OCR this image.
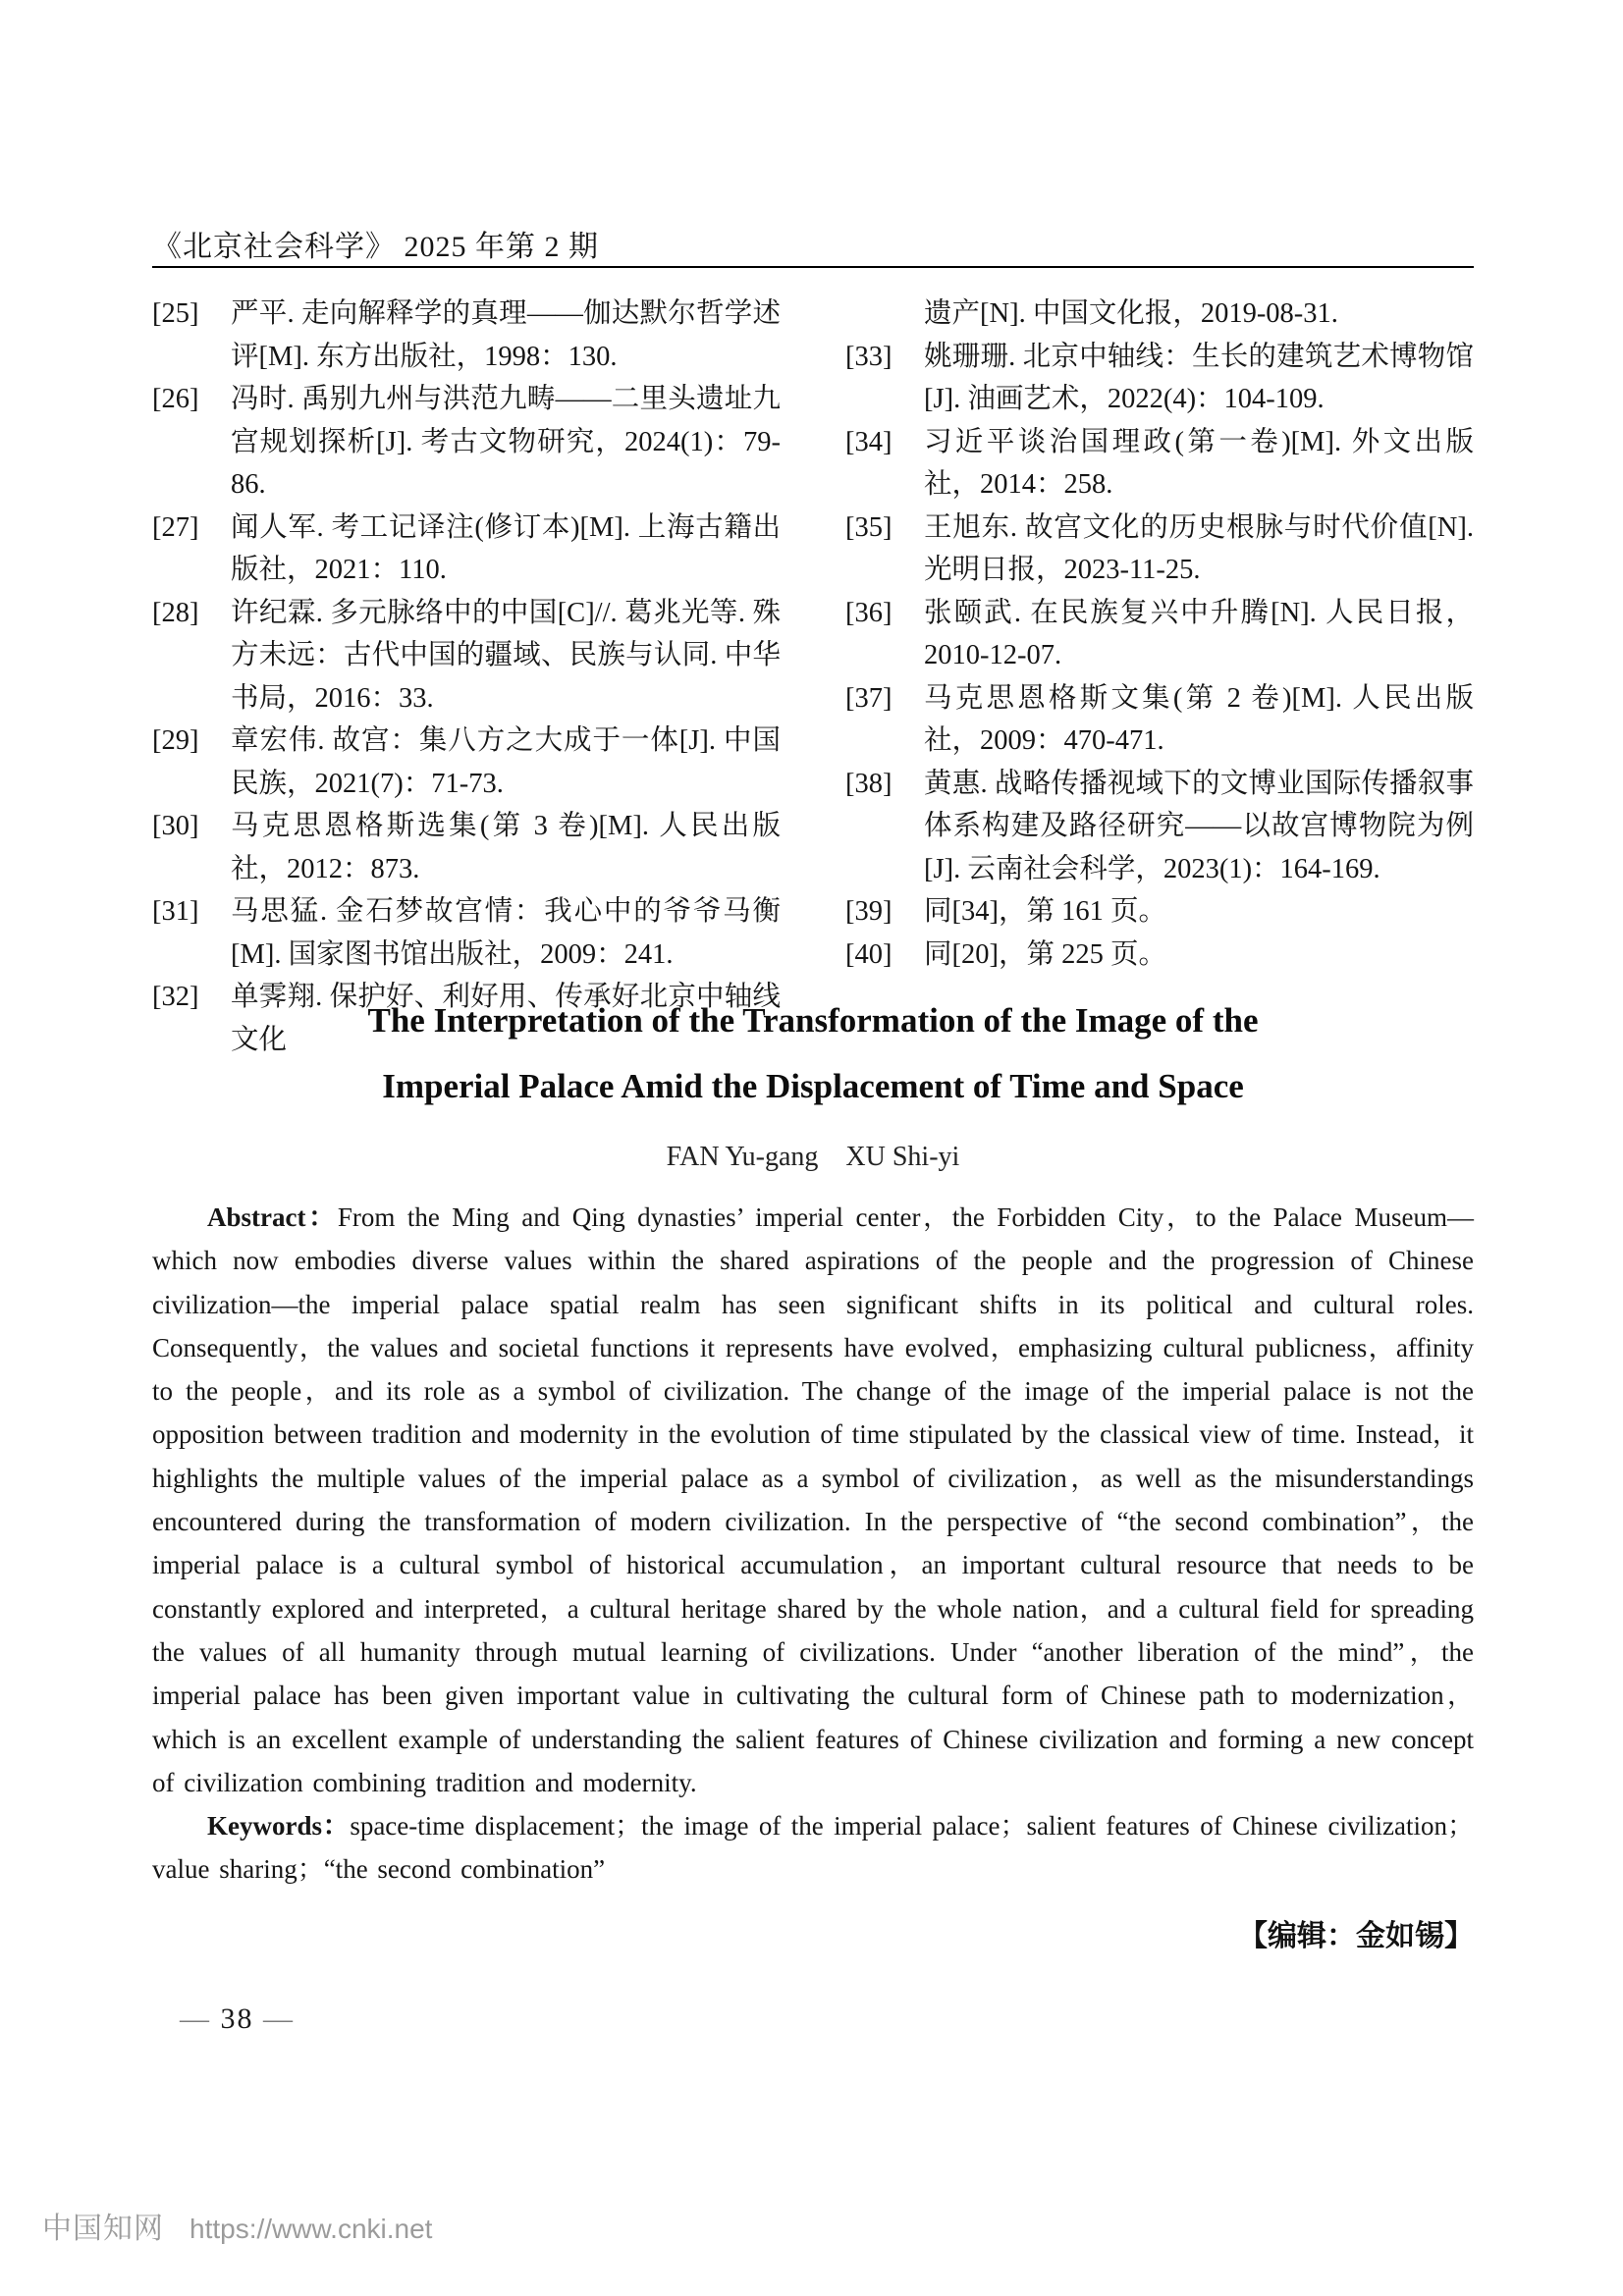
《北京社会科学》 2025 年第 2 期
[25] 严平. 走向解释学的真理——伽达默尔哲学述评[M]. 东方出版社，1998：130.
[26] 冯时. 禹别九州与洪范九畴——二里头遗址九宫规划探析[J]. 考古文物研究，2024(1)：79-86.
[27] 闻人军. 考工记译注(修订本)[M]. 上海古籍出版社，2021：110.
[28] 许纪霖. 多元脉络中的中国[C]//. 葛兆光等. 殊方未远：古代中国的疆域、民族与认同. 中华书局，2016：33.
[29] 章宏伟. 故宫：集八方之大成于一体[J]. 中国民族，2021(7)：71-73.
[30] 马克思恩格斯选集(第 3 卷)[M]. 人民出版社，2012：873.
[31] 马思猛. 金石梦故宫情：我心中的爷爷马衡[M]. 国家图书馆出版社，2009：241.
[32] 单霁翔. 保护好、利好用、传承好北京中轴线文化
遗产[N]. 中国文化报，2019-08-31.
[33] 姚珊珊. 北京中轴线：生长的建筑艺术博物馆[J]. 油画艺术，2022(4)：104-109.
[34] 习近平谈治国理政(第一卷)[M]. 外文出版社，2014：258.
[35] 王旭东. 故宫文化的历史根脉与时代价值[N]. 光明日报，2023-11-25.
[36] 张颐武. 在民族复兴中升腾[N]. 人民日报，2010-12-07.
[37] 马克思恩格斯文集(第 2 卷)[M]. 人民出版社，2009：470-471.
[38] 黄惠. 战略传播视域下的文博业国际传播叙事体系构建及路径研究——以故宫博物院为例[J]. 云南社会科学，2023(1)：164-169.
[39] 同[34]，第 161 页。
[40] 同[20]，第 225 页。
The Interpretation of the Transformation of the Image of the
Imperial Palace Amid the Displacement of Time and Space
FAN Yu-gang　XU Shi-yi
Abstract：From the Ming and Qing dynasties’ imperial center，the Forbidden City，to the Palace Museum—which now embodies diverse values within the shared aspirations of the people and the progression of Chinese civilization—the imperial palace spatial realm has seen significant shifts in its political and cultural roles. Consequently，the values and societal functions it represents have evolved，emphasizing cultural publicness，affinity to the people，and its role as a symbol of civilization. The change of the image of the imperial palace is not the opposition between tradition and modernity in the evolution of time stipulated by the classical view of time. Instead，it highlights the multiple values of the imperial palace as a symbol of civilization，as well as the misunderstandings encountered during the transformation of modern civilization. In the perspective of “the second combination”，the imperial palace is a cultural symbol of historical accumulation，an important cultural resource that needs to be constantly explored and interpreted，a cultural heritage shared by the whole nation，and a cultural field for spreading the values of all humanity through mutual learning of civilizations. Under “another liberation of the mind”，the imperial palace has been given important value in cultivating the cultural form of Chinese path to modernization，which is an excellent example of understanding the salient features of Chinese civilization and forming a new concept of civilization combining tradition and modernity.
Keywords：space-time displacement；the image of the imperial palace；salient features of Chinese civilization；value sharing；“the second combination”
【编辑：金如锡】
— 38 —
中国知网 https://www.cnki.net
